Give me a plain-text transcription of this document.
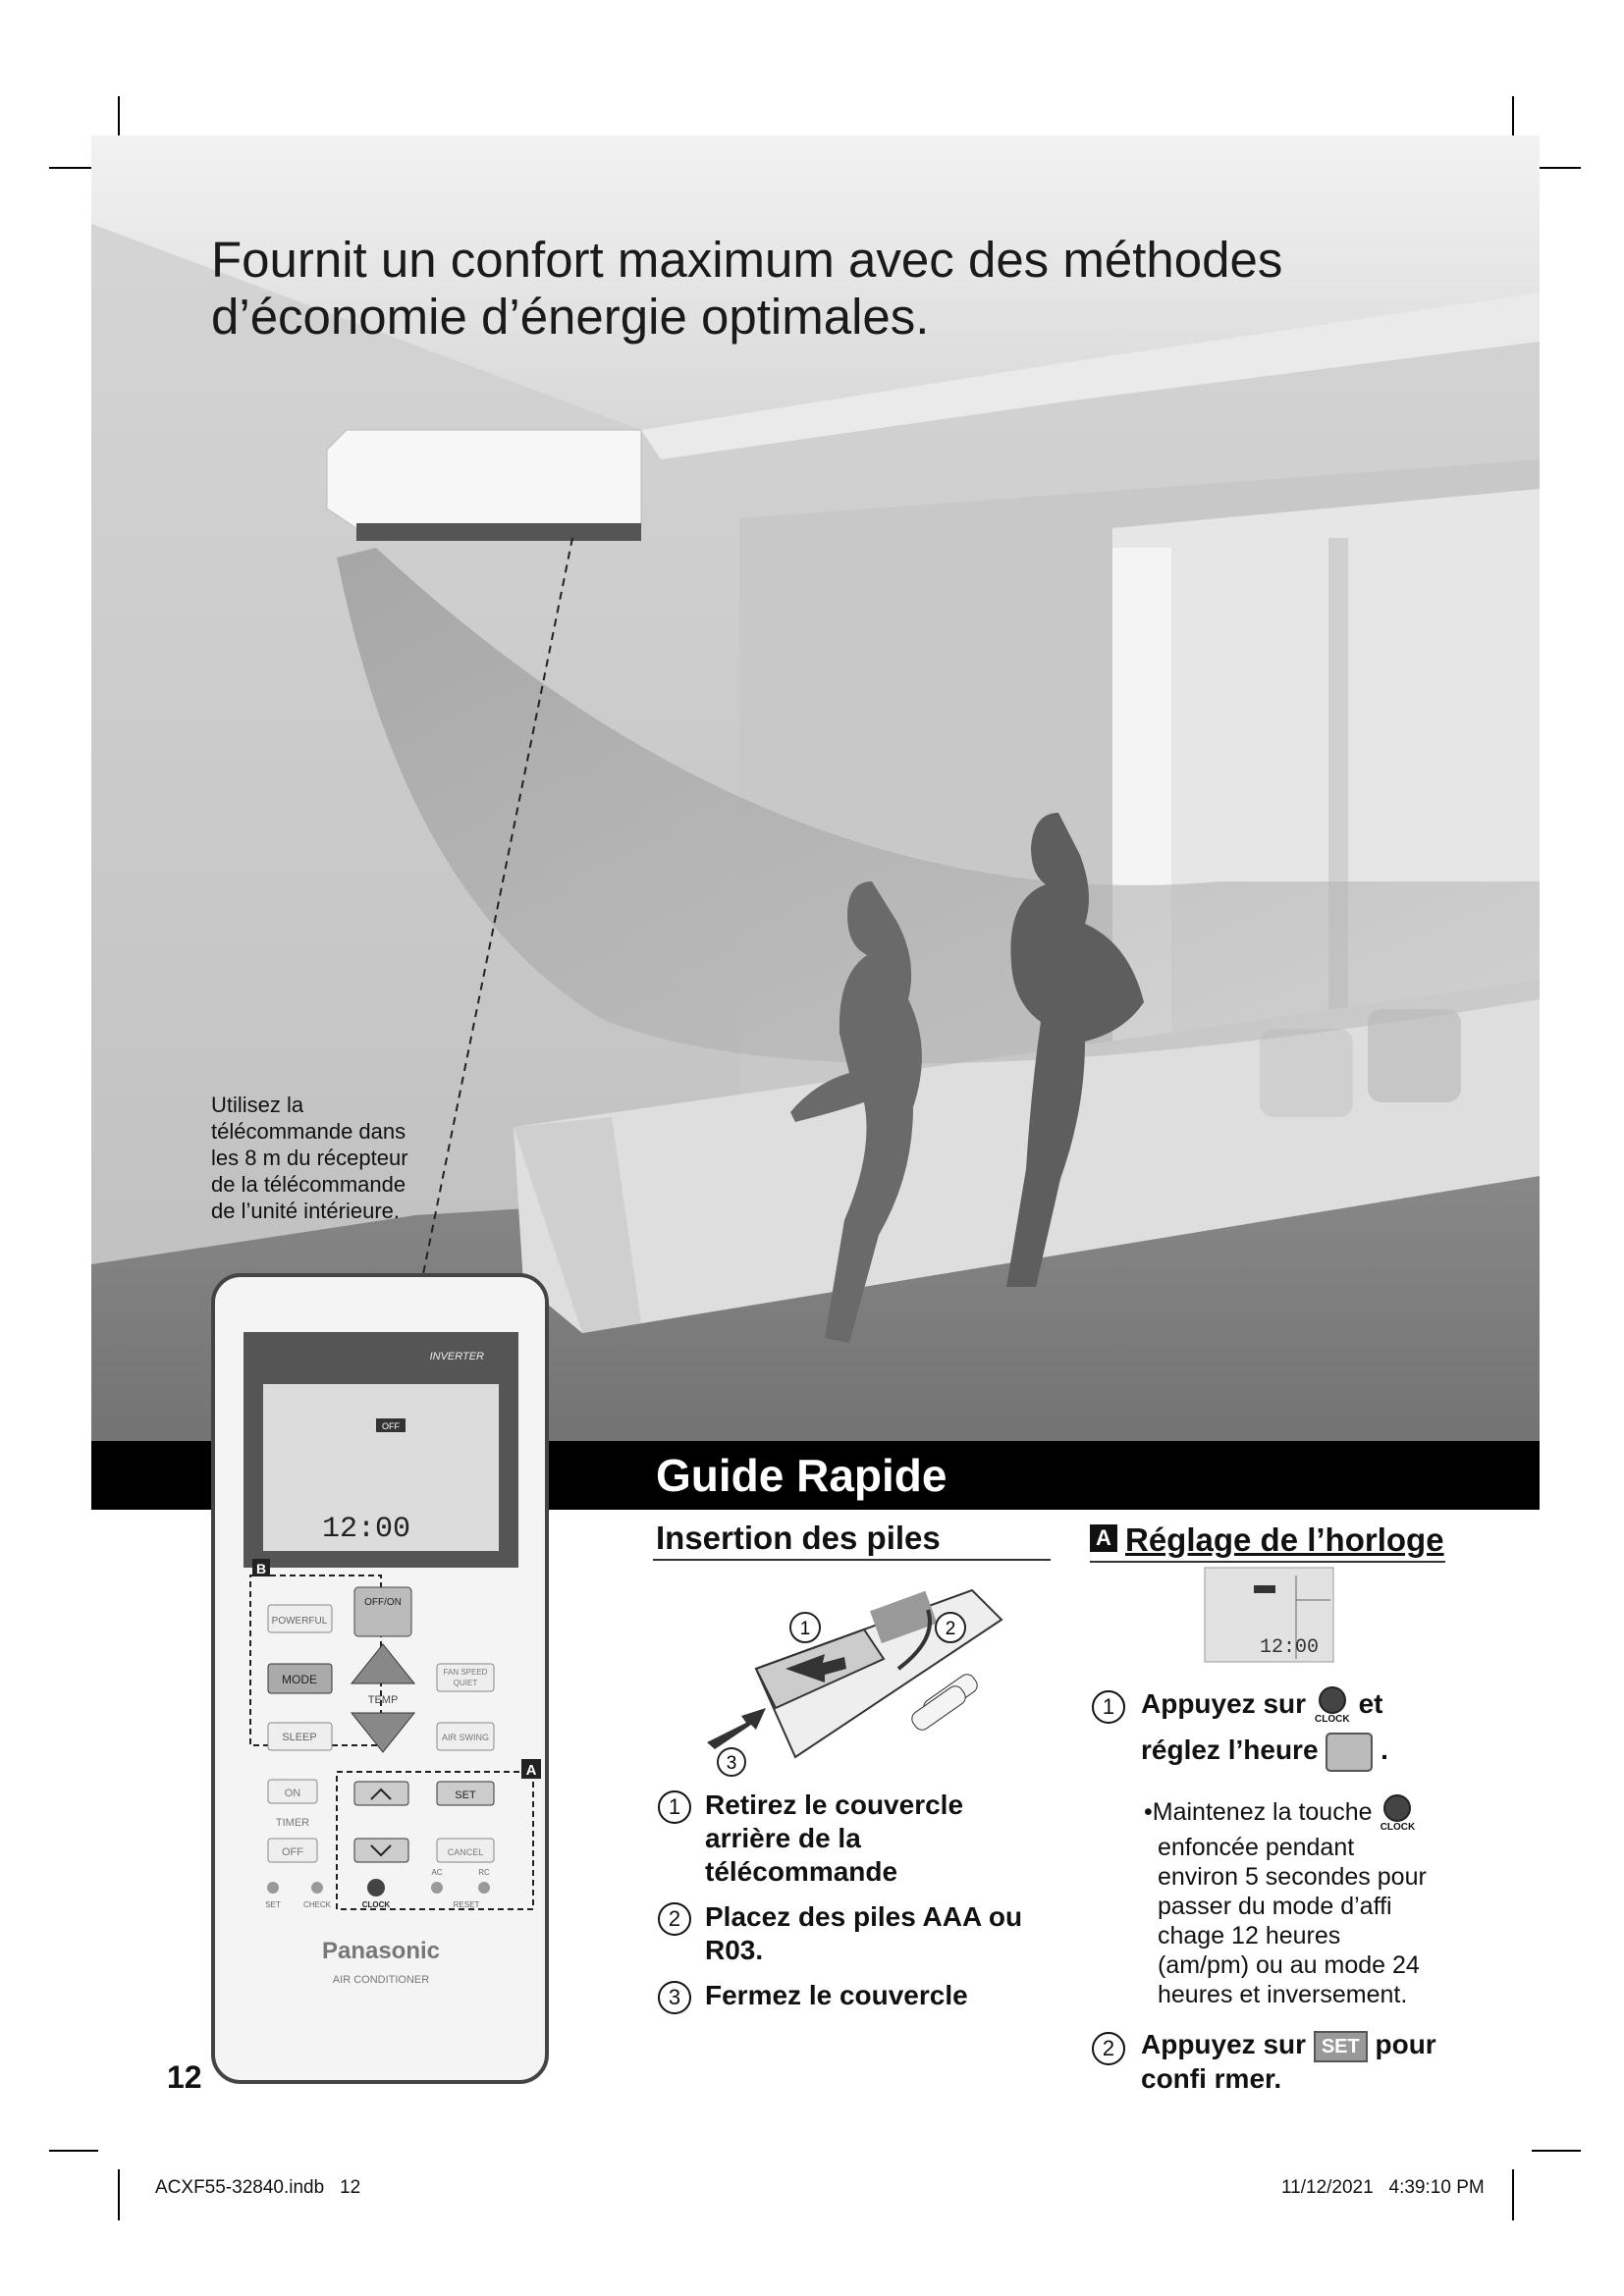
Fournit un confort maximum avec des méthodes
d’économie d’énergie optimales.
Utilisez la télécommande dans les 8 m du récepteur de la télécommande de l’unité intérieure.
Guide Rapide
OFF
12:00
INVERTER
B
POWERFUL
OFF/ON
MODE
TEMP
SLEEP
FAN SPEED
QUIET
AIR SWING
A
ON
TIMER
OFF
SET
CANCEL
SET	CHECK	CLOCK
AC	RC
RESET
Panasonic
AIR CONDITIONER
Insertion des piles
1	2
3
1 Retirez le couvercle arrière de la télécommande
2 Placez des piles AAA ou R03.
3 Fermez le couvercle
A Réglage de l’horloge
12:00
1 Appuyez sur
CLOCK
et
réglez l’heure .
•Maintenez la touche
CLOCK
enfoncée pendant environ 5 secondes pour passer du mode d’affi chage 12 heures (am/pm) ou au mode 24 heures et inversement.
2 Appuyez sur SET pour
confi rmer.
12
ACXF55-32840.indb   12	11/12/2021   4:39:10 PM
